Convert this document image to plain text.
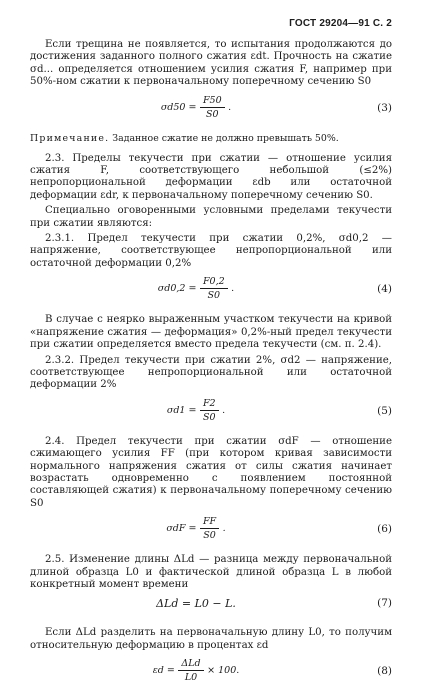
ГОСТ 29204—91 С. 2

Если трещина не появляется, то испытания продолжаются до достижения заданного полного сжатия εdt. Прочность на сжатие σd... определяется отношением усилия сжатия F, например при 50%-ном сжатии к первоначальному поперечному сечению S0

$\sigma d50 = \frac{F50}{S0}$ .	(3)

Примечание. Заданное сжатие не должно превышать 50%.

2.3. Пределы текучести при сжатии — отношение усилия сжатия F, соответствующего небольшой (≤2%) непропорциональной деформации εdb или остаточной деформации εdr, к первоначальному поперечному сечению S0.

Специально оговоренными условными пределами текучести при сжатии являются:

2.3.1. Предел текучести при сжатии 0,2%, σd0,2 — напряжение, соответствующее непропорциональной или остаточной деформации 0,2%

$\sigma d0,2 = \frac{F0,2}{S0}$ .	(4)

В случае с неярко выраженным участком текучести на кривой «напряжение сжатия — деформация» 0,2%-ный предел текучести при сжатии определяется вместо предела текучести (см. п. 2.4).

2.3.2. Предел текучести при сжатии 2%, σd2 — напряжение, соответствующее непропорциональной или остаточной деформации 2%

$\sigma d1 = \frac{F2}{S0}$ .	(5)

2.4. Предел текучести при сжатии σdF — отношение сжимающего усилия FF (при котором кривая зависимости нормального напряжения сжатия от силы сжатия начинает возрастать одновременно с появлением постоянной составляющей сжатия) к первоначальному поперечному сечению S0

$\sigma dF = \frac{FF}{S0}$ .	(6)

2.5. Изменение длины ΔLd — разница между первоначальной длиной образца L0 и фактической длиной образца L в любой конкретный момент времени

ΔLd = L0 − L.	(7)

Если ΔLd разделить на первоначальную длину L0, то получим относительную деформацию в процентах εd

$\varepsilon d = \frac{\text{ΔLd}}{L0} \times 100$.	(8)
